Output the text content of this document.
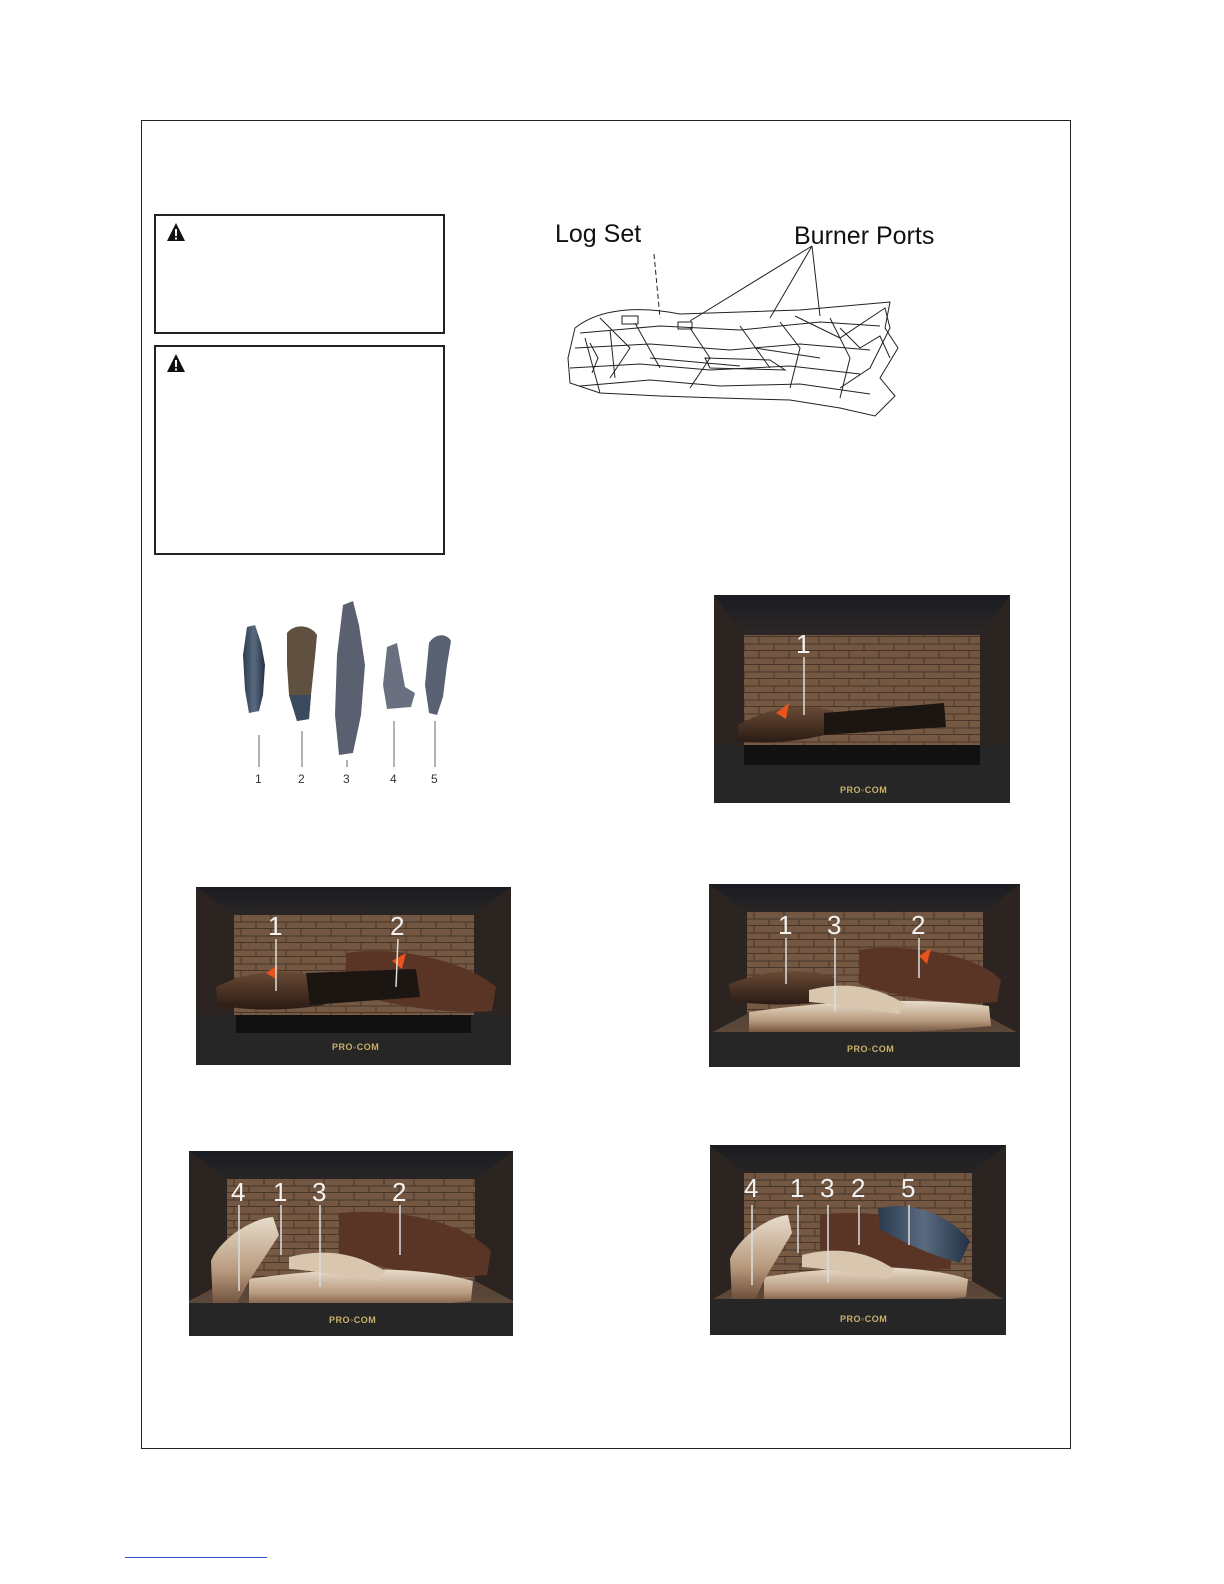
Log Set	Burner Ports
1	2	3	4	5
PRO◦COM
1
PRO◦COM
1	2
PRO◦COM
1 3	2
PRO◦COM
4 1 3	2
PRO◦COM
4 1 3 2 5
